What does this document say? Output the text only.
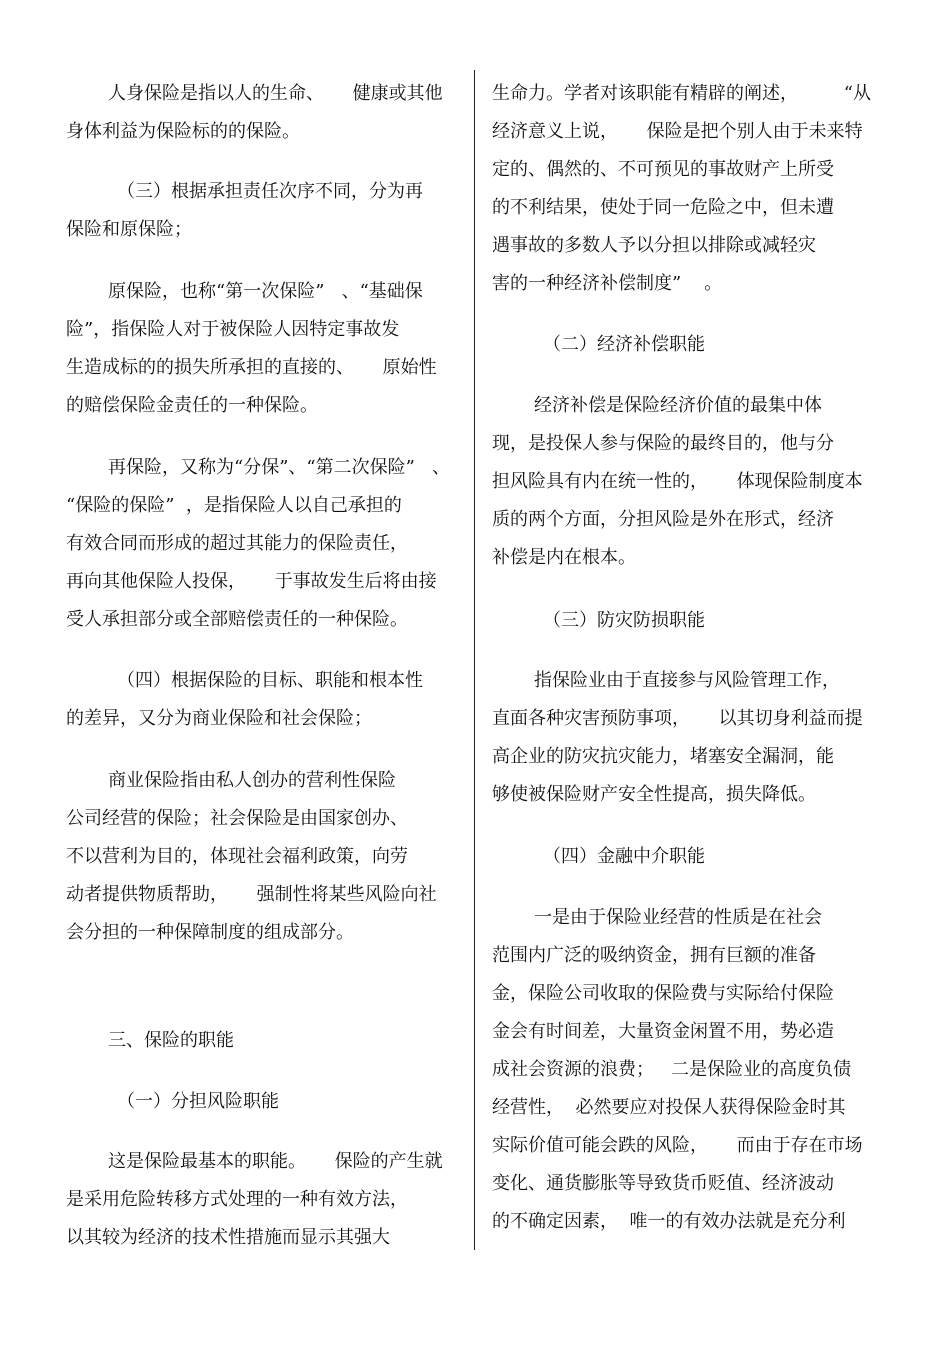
人身保险是指以人的生命、     健康或其他
身体利益为保险标的的保险。
（三）根据承担责任次序不同，分为再
保险和原保险；
原保险，也称“第一次保险”   、“基础保
险”，指保险人对于被保险人因特定事故发
生造成标的的损失所承担的直接的、     原始性
的赔偿保险金责任的一种保险。
再保险，又称为“分保”、“第二次保险”   、
“保险的保险”  ，是指保险人以自己承担的
有效合同而形成的超过其能力的保险责任，
再向其他保险人投保，     于事故发生后将由接
受人承担部分或全部赔偿责任的一种保险。
（四）根据保险的目标、职能和根本性
的差异，又分为商业保险和社会保险；
商业保险指由私人创办的营利性保险
公司经营的保险；社会保险是由国家创办、
不以营利为目的，体现社会福利政策，向劳
动者提供物质帮助，     强制性将某些风险向社
会分担的一种保障制度的组成部分。
三、保险的职能
（一）分担风险职能
这是保险最基本的职能。     保险的产生就
是采用危险转移方式处理的一种有效方法，
以其较为经济的技术性措施而显示其强大
生命力。学者对该职能有精辟的阐述，        “从
经济意义上说，     保险是把个别人由于未来特
定的、偶然的、不可预见的事故财产上所受
的不利结果，使处于同一危险之中，但未遭
遇事故的多数人予以分担以排除或减轻灾
害的一种经济补偿制度”    。
（二）经济补偿职能
经济补偿是保险经济价值的最集中体
现，是投保人参与保险的最终目的，他与分
担风险具有内在统一性的，     体现保险制度本
质的两个方面，分担风险是外在形式，经济
补偿是内在根本。
（三）防灾防损职能
指保险业由于直接参与风险管理工作，
直面各种灾害预防事项，     以其切身利益而提
高企业的防灾抗灾能力，堵塞安全漏洞，能
够使被保险财产安全性提高，损失降低。
（四）金融中介职能
一是由于保险业经营的性质是在社会
范围内广泛的吸纳资金，拥有巨额的准备
金，保险公司收取的保险费与实际给付保险
金会有时间差，大量资金闲置不用，势必造
成社会资源的浪费；   二是保险业的高度负债
经营性，  必然要应对投保人获得保险金时其
实际价值可能会跌的风险，     而由于存在市场
变化、通货膨胀等导致货币贬值、经济波动
的不确定因素，  唯一的有效办法就是充分利
